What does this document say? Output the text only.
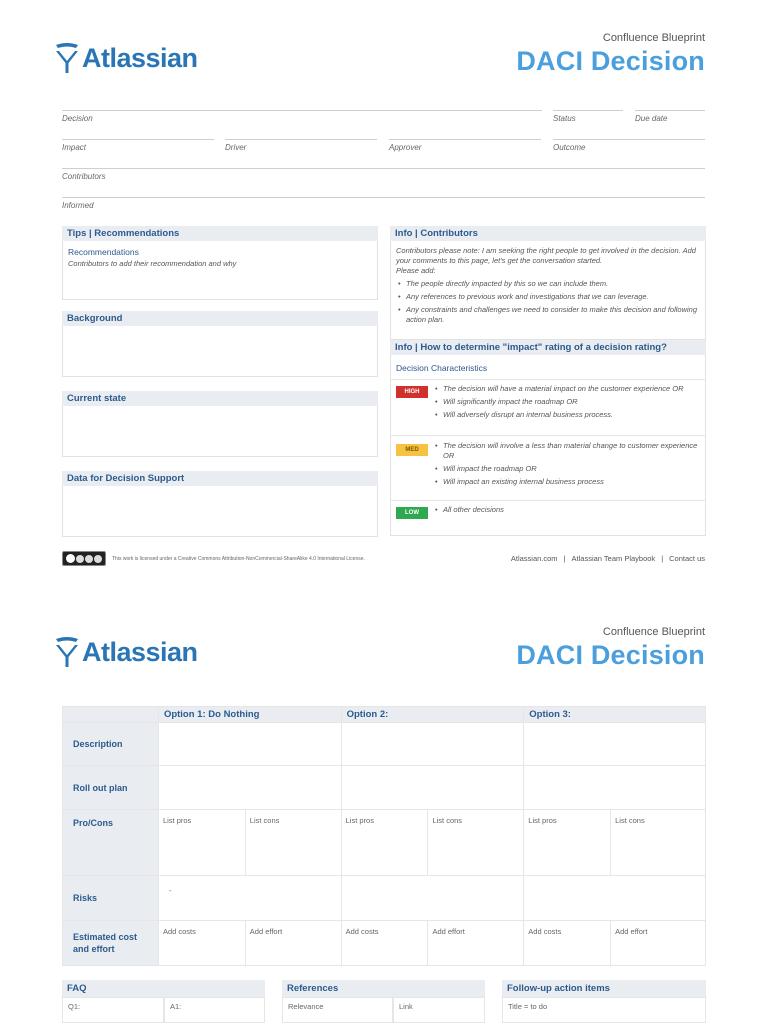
Atlassian
Confluence Blueprint
DACI Decision
Decision	Status	Due date
Impact	Driver	Approver	Outcome
Contributors
Informed
Tips | Recommendations
Recommendations
Contributors to add their recommendation and why
Background
Current state
Data for Decision Support
Info | Contributors
Contributors please note: I am seeking the right people to get involved in the decision. Add your comments to this page, let's get the conversation started.
Please add:
• The people directly impacted by this so we can include them.
• Any references to previous work and investigations that we can leverage.
• Any constraints and challenges we need to consider to make this decision and following action plan.
Info | How to determine "impact" rating of a decision rating?
Decision Characteristics
HIGH	• The decision will have a material impact on the customer experience OR
• Will significantly impact the roadmap OR
• Will adversely disrupt an internal business process.
MED	• The decision will involve a less than material change to customer experience OR
• Will impact the roadmap OR
• Will impact an existing internal business process
LOW	• All other decisions
This work is licensed under a Creative Commons Attribution-NonCommercial-ShareAlike 4.0 International License.	Atlassian.com | Atlassian Team Playbook | Contact us
Atlassian
Confluence Blueprint
DACI Decision
	Option 1: Do Nothing		Option 2:		Option 3:	
Description						
Roll out plan						
Pro/Cons	List pros	List cons	List pros	List cons	List pros	List cons
Risks	-					
Estimated cost and effort	Add costs	Add effort	Add costs	Add effort	Add costs	Add effort
FAQ
Q1:	A1:
References
Relevance	Link
Follow-up action items
Title = to do
